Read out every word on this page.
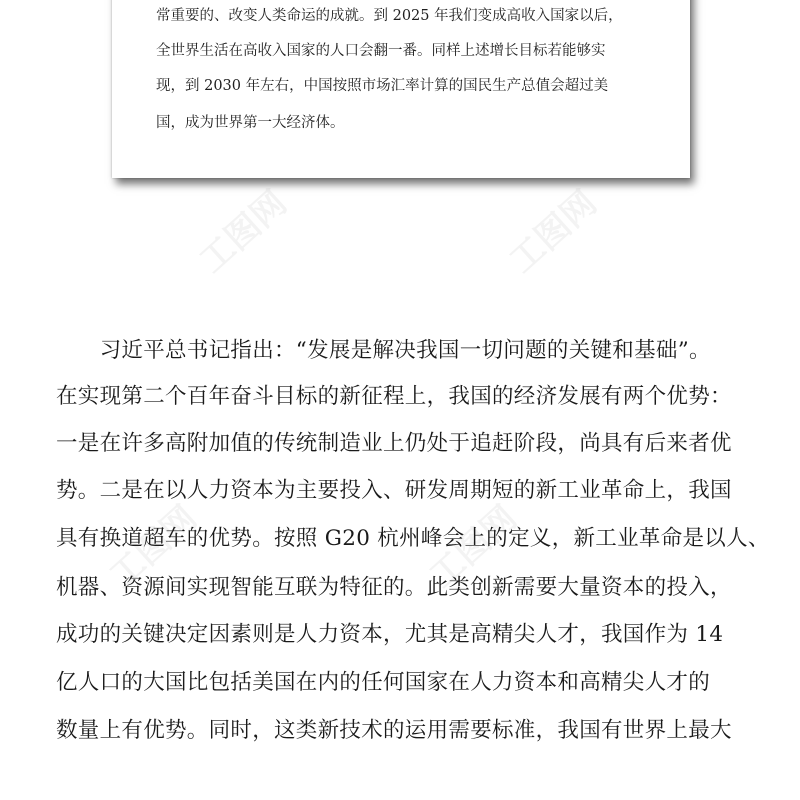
工图网	工图网
工图网	工图网
常重要的、改变人类命运的成就。到 2025 年我们变成高收入国家以后，
全世界生活在高收入国家的人口会翻一番。同样上述增长目标若能够实
现，到 2030 年左右，中国按照市场汇率计算的国民生产总值会超过美
国，成为世界第一大经济体。
　　习近平总书记指出：“发展是解决我国一切问题的关键和基础”。
在实现第二个百年奋斗目标的新征程上，我国的经济发展有两个优势：
一是在许多高附加值的传统制造业上仍处于追赶阶段，尚具有后来者优
势。二是在以人力资本为主要投入、研发周期短的新工业革命上，我国
具有换道超车的优势。按照 G20 杭州峰会上的定义，新工业革命是以人、
机器、资源间实现智能互联为特征的。此类创新需要大量资本的投入，
成功的关键决定因素则是人力资本，尤其是高精尖人才，我国作为 14
亿人口的大国比包括美国在内的任何国家在人力资本和高精尖人才的
数量上有优势。同时，这类新技术的运用需要标准，我国有世界上最大
